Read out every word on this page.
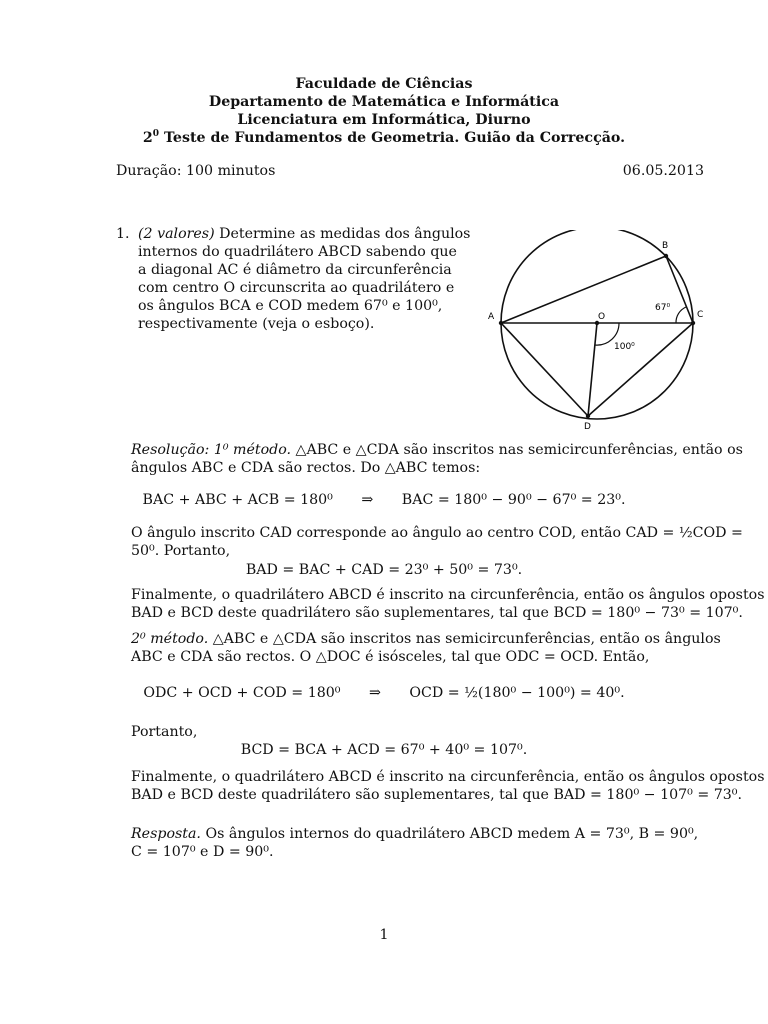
Faculdade de Ciências
Departamento de Matemática e Informática
Licenciatura em Informática, Diurno
$2^0$ Teste de Fundamentos de Geometria. Guião da Correcção.
Duração: 100 minutos	06.05.2013
1. (2 valores) Determine as medidas dos ângulos
internos do quadrilátero ABCD sabendo que
a diagonal AC é diâmetro da circunferência
com centro O circunscrita ao quadrilátero e
os ângulos BCA e COD medem 67⁰ e 100⁰,
respectivamente (veja o esboço).	A
B
C
D
O
67⁰
100⁰
Resolução: 1⁰ método. △ABC e △CDA são inscritos nas semicircunferências, então os
ângulos ABC e CDA são rectos. Do △ABC temos:
BAC + ABC + ACB = 180⁰ ⇒ BAC = 180⁰ − 90⁰ − 67⁰ = 23⁰.
O ângulo inscrito CAD corresponde ao ângulo ao centro COD, então CAD = ½COD =
50⁰. Portanto,
BAD = BAC + CAD = 23⁰ + 50⁰ = 73⁰.
Finalmente, o quadrilátero ABCD é inscrito na circunferência, então os ângulos opostos
BAD e BCD deste quadrilátero são suplementares, tal que BCD = 180⁰ − 73⁰ = 107⁰.
2⁰ método. △ABC e △CDA são inscritos nas semicircunferências, então os ângulos
ABC e CDA são rectos. O △DOC é isósceles, tal que ODC = OCD. Então,
ODC + OCD + COD = 180⁰ ⇒ OCD = ½(180⁰ − 100⁰) = 40⁰.
Portanto,
BCD = BCA + ACD = 67⁰ + 40⁰ = 107⁰.
Finalmente, o quadrilátero ABCD é inscrito na circunferência, então os ângulos opostos
BAD e BCD deste quadrilátero são suplementares, tal que BAD = 180⁰ − 107⁰ = 73⁰.
Resposta. Os ângulos internos do quadrilátero ABCD medem A = 73⁰, B = 90⁰,
C = 107⁰ e D = 90⁰.
1
